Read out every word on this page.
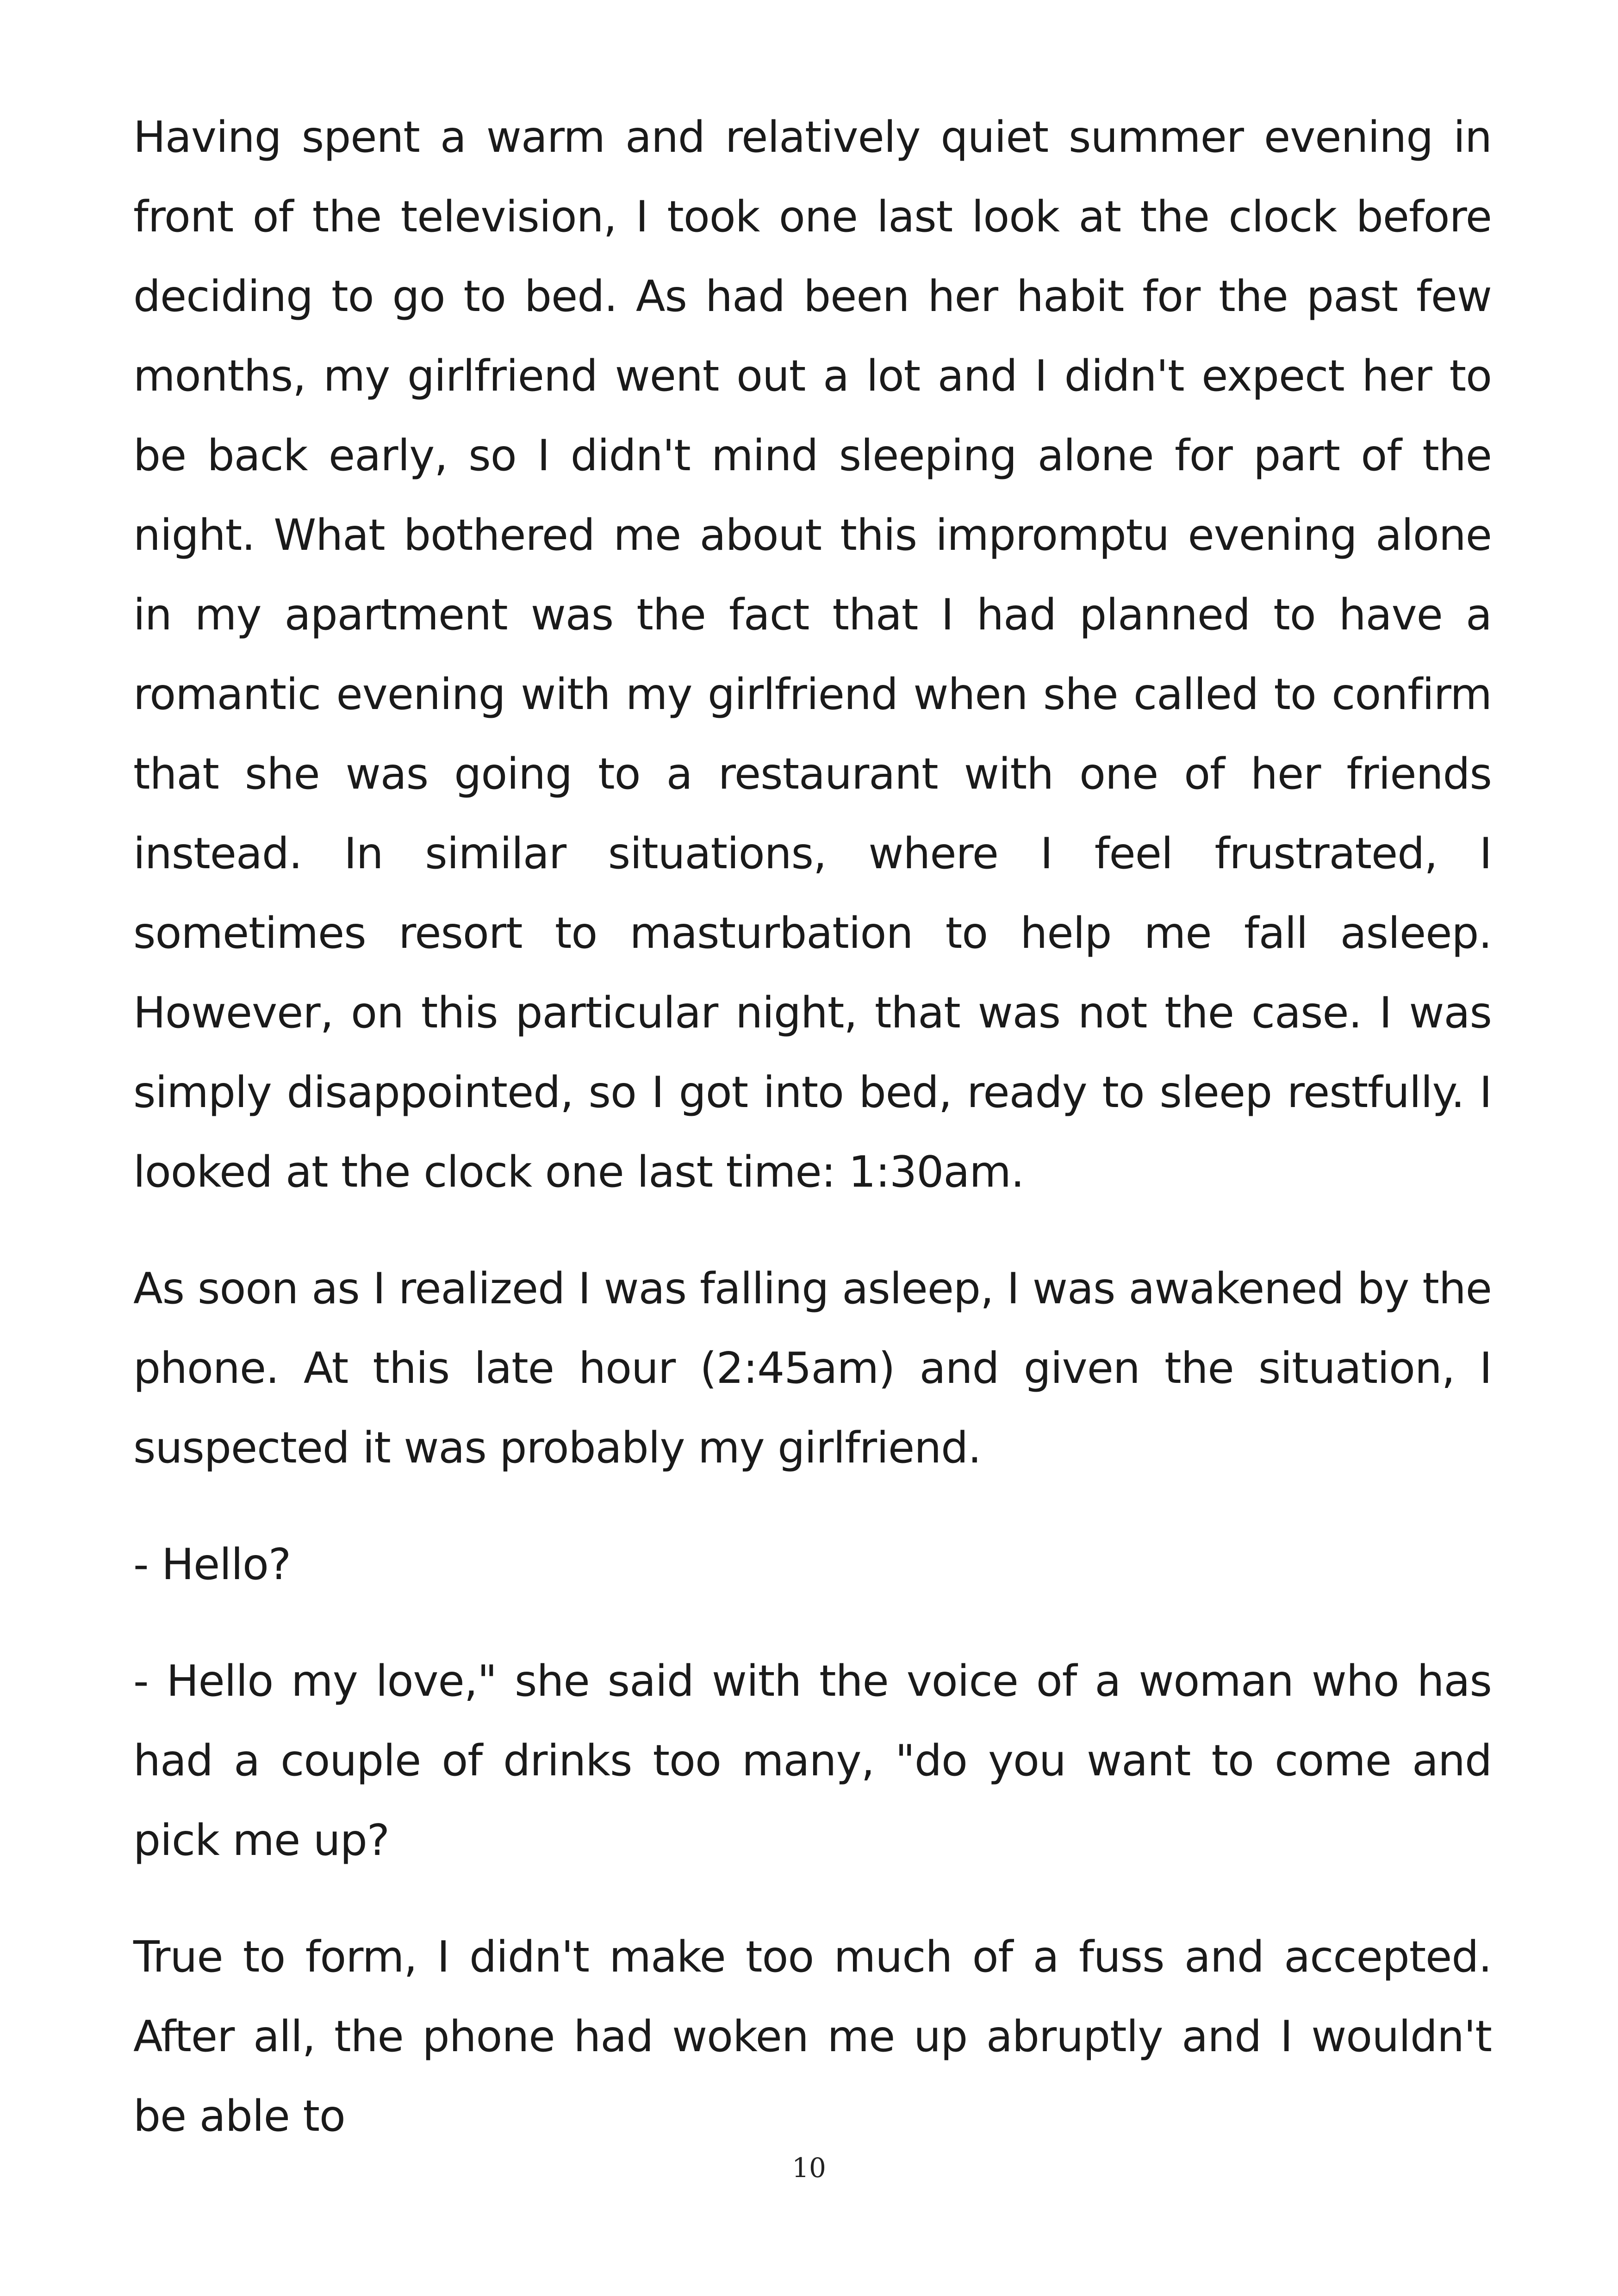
Having spent a warm and relatively quiet summer evening in front of the television, I took one last look at the clock before deciding to go to bed. As had been her habit for the past few months, my girlfriend went out a lot and I didn't expect her to be back early, so I didn't mind sleeping alone for part of the night. What bothered me about this impromptu evening alone in my apartment was the fact that I had planned to have a romantic evening with my girlfriend when she called to confirm that she was going to a restaurant with one of her friends instead. In similar situations, where I feel frustrated, I sometimes resort to masturbation to help me fall asleep. However, on this particular night, that was not the case. I was simply disappointed, so I got into bed, ready to sleep restfully. I looked at the clock one last time: 1:30am.

As soon as I realized I was falling asleep, I was awakened by the phone. At this late hour (2:45am) and given the situation, I suspected it was probably my girlfriend.

- Hello?

- Hello my love," she said with the voice of a woman who has had a couple of drinks too many, "do you want to come and pick me up?

True to form, I didn't make too much of a fuss and accepted. After all, the phone had woken me up abruptly and I wouldn't be able to

10
